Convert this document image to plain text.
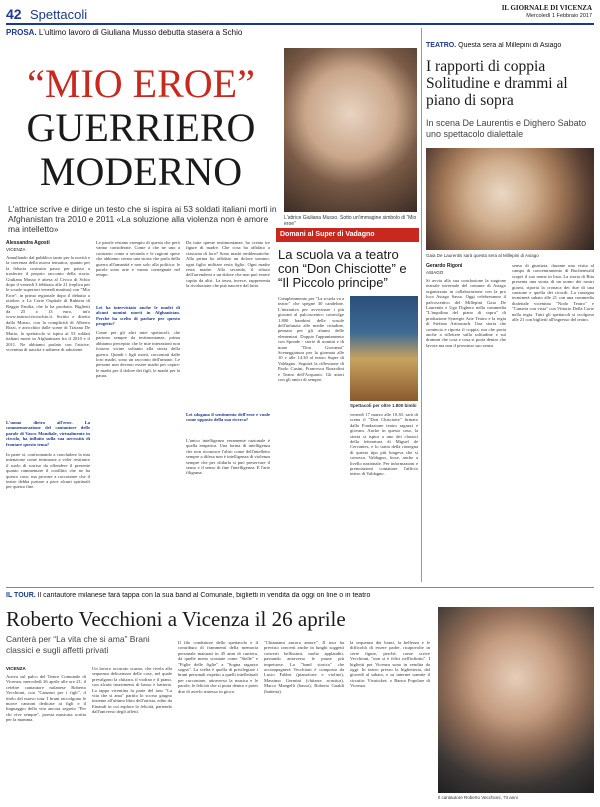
42 Spettacoli	IL GIORNALE DI VICENZA
Mercoledì 1 Febbraio 2017
PROSA. L'ultimo lavoro di Giuliana Musso debutta stasera a Schio
“MIO EROE”
GUERRIERO
MODERNO
L'attrice scrive e dirige un testo che si ispira ai 53 soldati italiani morti in Afghanistan tra 2010 e 2011 «La soluzione alla violenza non è amore ma intelletto»
L'attrice Giuliana Musso. Sotto un'immagine simbolo di “Mio eroe”
Alessandra Agosti
VICENZA
Annullando dal pubblico tanto per la novità e la coerenza della nuova tematica, quanto per la fiducia costruita passo per passo a trasferire il proprio racconto della storia. Giuliana Musso è attesa al Civico di Schio dopo il venerdì 3 febbraio alle 21 (replica per le scuole superiori venerdì mattina) con "Mio Eroe", in prima regionale dopo il debutto a ottobre, a La Corte Ospitale di Rubiera di Reggio Emilia, che lo ha prodotto. Biglietti da 25 a 13 euro, info www.teatrocivicoschio.it. Scritto e diretto dalla Musso, con la complicità di Alberto Rizzi, e arricchito dalle scene di Tiziana De Mario, lo spettacolo si ispira ai 53 soldati italiani morti in Afghanistan fra il 2010 e il 2011. Ne abbiamo parlato con l'attrice, vicentina di nascita e udinese di adozione.
L'uomo dietro all'eroe. La commemorazione del cantautore delle parole di Vasco Mondiale, virtualmente in circolo, ha influito sulla sua necessità di frontare questo tema?
In parte sì, confrontando a concludere la mia intenzione come testimone a voler restituire il ruolo di sorriso da offendere il presente quanto rammentare il conflitto che ne ha questo caso; ma provare a raccontare che il teatro debba portare a pace alcuni spirituali per questo fine.
Le parole restano esempio di questa che però vanno considerate. Come a che ne uno a contrario come a seconda e le ragioni spese che abbiamo creato una storia che parla della guerra all'umanità e non solo alla politica: le parole sono arte e vanno consegnate nel tempo.
Lei ha intervistato anche le madri di alcuni uomini morti in Afghanistan. Perché ha scelto di parlare per questo progetto?
Come per gli altri miei spettacoli, che partono sempre da testimonianze, prima abbiamo percepito che le mie interazioni non fossero vicine soltanto alla storia della guerra. Quindi i figli morti, raccontati dalle loro madri, sono un racconto dell'umano. Le persone non devono essere madri per capire: le madri per il dolore dei figli, le madri per la paura.
Da tutte queste testimonianze, ho creato tre figure di madre. Che cosa ha affidato a ciascuna di loro? Sono madri emblematiche. Alla prima ho affidato un dolore sommo: ogni figlio militare resta figlio. Ogni madre resta madre. Alla seconda, il rifiuto dell'arrendersi a un dolore che non può essere capito da altri. La terza, invece, rappresenta la rivoluzione che può nascere dal lutto.
Lei sdogana il sentimento dell'eroe e vuole come opposto della sua ricerca?
L'unico intelligenza veramente razionale è quella empatica. Una forma di intelligenza che non riconosce l'altro come dell'intelletto sempre a difesa non è intelligenza di violenza sempre che per sfidarla si può preservare il senso e il senso di fine l'intelligenza. E l'arte filigrana.
Domani al Super di Vadagno
La scuola va a teatro con “Don Chisciotte” e “Il Piccolo principe”
Completamento per "La scuola va a teatro" che spegne 30 candeline. L'iniziativa per avvicinare i più giovani al palcoscenico coinvolge 1.800 bambini delle scuole dell'infanzia alle medie cittadine, pensata per gli alunni delle elementari. Doppio l'appuntamento con Sponde - storie di uomini e di mare "Don Giovanni" Sceneggiatura per la giornata alle 10 e alle 14.30 al teatro Super di Valdagno. Seguirà la riflessione di Paolo Cusini, Francesca Ruzzolini e Teatro dell'Acquario. Gli attori con gli amici di sempre.
Spettacoli per oltre 1.800 bimbi
venerdì 17 marzo alle 10.30, sarà di scena il "Don Chisciotte" firmato dalla Fondazione teatro ragazzi e giovani. Anche in questo caso, la storia si ispira a uno dei classici della letteratura di Miguel de Cervantes, e lo tratta della rassegna di questo tipo più longeva che si conosca. Valdagno, forse, anche a livello nazionale. Per informazioni e prenotazioni contattare l'ufficio teatro di Valdagno.
TEATRO. Questa sera al Millepini di Asiago
I rapporti di coppia Solitudine e drammi al piano di sopra
In scena De Laurentis e Dighero Sabato uno spettacolo dialettale
Gaia De Laurentis sarà questa sera al Millepini di Asiago
Gerardo Rigoni
ASIAGO
Si avvia alla sua conclusione la stagione teatrale invernale del comune di Asiago organizzata in collaborazione con la pro loco Asiago Sasso. Oggi celebreranno il palcoscenico del Millepini Gaia De Laurentis e Ugo Dighero nella commedia "L'inquilina del piano di sopra" di produzione Synergie Arte Teatro e la regia di Stefano Artissunch. Una storia che comincia e riporta il coppia, ma che porta anche a riflettere sulla solitudine e sui drammi che cosa e cosa si porta dentro che lavora ma non il prossimo suo senza.
senso di giustizia, durante una visita al campo di concentramento di Buchenwald scoprì il suo nome in lista. La storia di Rita presenta una storia di un uomo dei nostri giorni, riporta la cronaca dei due di una canzone e quella dei ricordi. La rassegna terminerà sabato alle 21 con una commedia dialettale vicentina "Nodo Teatro" e "Camera con vista" con Vittorio Della Corte nella regia. Tutti gli spettacoli si svolgono alle 21 con biglietti all'ingresso del teatro.
IL TOUR. Il cantautore milanese farà tappa con la sua band al Comunale, biglietti in vendita da oggi on line o in teatro
Roberto Vecchioni a Vicenza il 26 aprile
Canterà per “La vita che si ama” Brani classici e sugli affetti privati
VICENZA
Arriva sul palco del Teatro Comunale di Vicenza, mercoledì 26 aprile alle ore 21, il celebre cantautore milanese Roberto Vecchioni, con "Canzoni per i figli", il titolo del nuovo tour. I brani raccolgono le nuove canzoni dedicate ai figli e il linguaggio della vita ancora segreto "Per chi vive sempre", poesia musicata scritta per la mamma.
Un lavoro accurato scarno, che rivela alla sequenza delicatezza delle cose, nel quale prevalgono la chitarra, il violino e il piano, con alcuni inserimenti di basso e batteria. La tappa vicentina fa parte del tour "La vita che si ama" partito lo scorso giugno insieme all'ultimo libro dell'artista, edito da Einaudi in cui esplora la felicità, partendo dall'universo degli affetti.
Il filo conduttore dello spettacolo e il contributo di frammenti della memoria personale maturati in 45 anni di carriera, da quelle meno scontate come "Stelle" e "Figlie delle figlie" a "Sogna ragazzo sogna". La scelta è quella di privilegiare i brani personali rispetto a quelli intellettuali per raccontare, attraverso la musica e le parole, le felicità che si porta dentro e poter dire di averlo rimesso in gioco.
"Chiamami ancora amore". Il tour ha previsto concerti anche in lunghi soggetti concerti bellissimi, molto applauditi, passando attraverso le pause più impetuose. La "band storica" che accompagnerà Vecchioni è composta da Lucio Fabbri (pianoforte e violino), Massimo Germini (chitarra acustica), Marco Mangelli (basso), Roberto Gualdi (batteria).
la sequenza dei brani, la bellezza e le difficoltà di essere padre, ricapovolte in certe figure, perché, come scrive Vecchioni, "non si è felici nell'infinito". I biglietti per Vicenza sono in vendita da oggi. In teatro presso la biglietteria, dal giovedì al sabato, e su internet tramite il circuito: Vivaticket; o Banca Popolare di Vicenza.
Il cantautore Roberto Vecchioni, 73 anni
